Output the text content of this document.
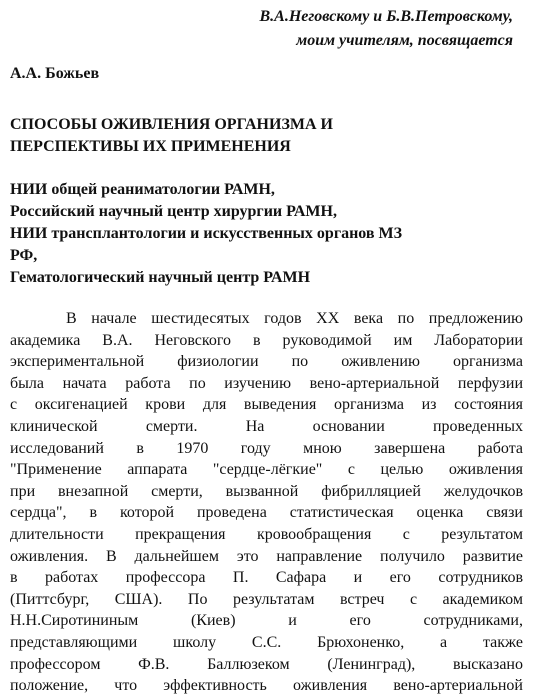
В.А.Неговскому и Б.В.Петровскому,
моим учителям, посвящается
А.А. Божьев
СПОСОБЫ ОЖИВЛЕНИЯ ОРГАНИЗМА И
ПЕРСПЕКТИВЫ ИХ ПРИМЕНЕНИЯ
НИИ общей реаниматологии РАМН,
Российский научный центр хирургии РАМН,
НИИ трансплантологии и искусственных органов МЗ
РФ,
Гематологический научный центр РАМН
В начале шестидесятых годов XX века по предложению
академика В.А. Неговского в руководимой им Лаборатории
экспериментальной физиологии по оживлению организма
была начата работа по изучению вено-артериальной перфузии
с оксигенацией крови для выведения организма из состояния
клинической смерти. На основании проведенных
исследований в 1970 году мною завершена работа
"Применение аппарата "сердце-лёгкие" с целью оживления
при внезапной смерти, вызванной фибрилляцией желудочков
сердца", в которой проведена статистическая оценка связи
длительности прекращения кровообращения с результатом
оживления. В дальнейшем это направление получило развитие
в работах профессора П. Сафара и его сотрудников
(Питтсбург, США). По результатам встреч с академиком
Н.Н.Сиротининым (Киев) и его сотрудниками,
представляющими школу С.С. Брюхоненко, а также
профессором Ф.В. Баллюзеком (Ленинград), высказано
положение, что эффективность оживления вено-артериальной
